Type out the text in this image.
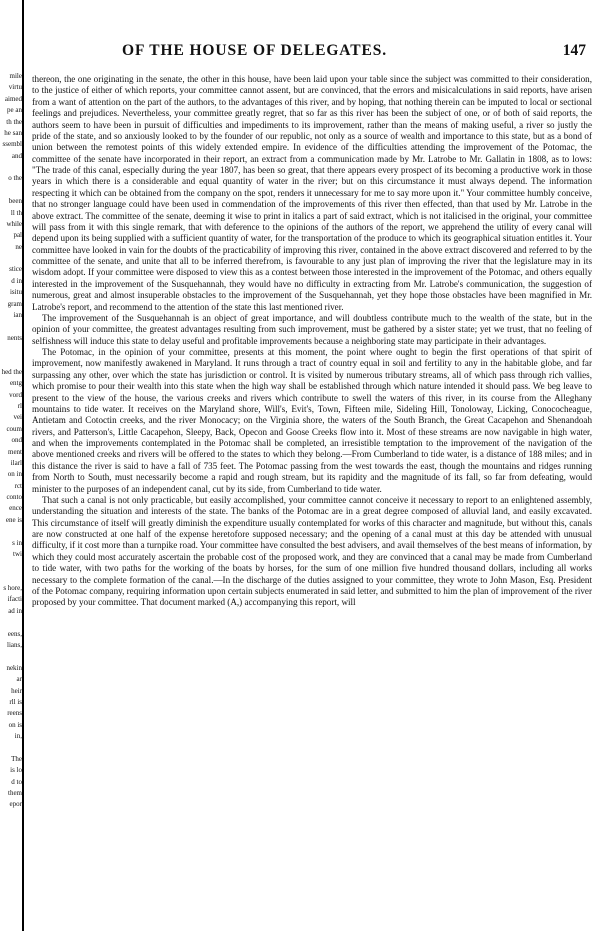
mile
virtu
aimed
pe an
th the
he san
ssembl
and
o the
been
ll th
while
pal
ne
stice
d in
isitu
gram
ian
nents
hed the
entg
vord
rl
vei
coum
ond
ment
ilarl
on in
rct
conto
ence
ene is
s in
twi
s hore,
ifacti
ad in
eens,
lians,
nekin
ar
heir
rll is
reens
on is
in,
The
is lo
d to
them
epor
OF THE HOUSE OF DELEGATES.	147

thereon, the one originating in the senate, the other in this house, have been laid upon your table since the subject was committed to their consideration, to the justice of either of which reports, your committee cannot assent, but are convinced, that the errors and misicalculations in said reports, have arisen from a want of attention on the part of the authors, to the advantages of this river, and by hoping, that nothing therein can be imputed to local or sectional feelings and prejudices. Nevertheless, your committee greatly regret, that so far as this river has been the subject of one, or of both of said reports, the authors seem to have been in pursuit of difficulties and impediments to its improvement, rather than the means of making useful, a river so justly the pride of the state, and so anxiously looked to by the founder of our republic, not only as a source of wealth and importance to this state, but as a bond of union between the remotest points of this widely extended empire. In evidence of the difficulties attending the improvement of the Potomac, the committee of the senate have incorporated in their report, an extract from a communication made by Mr. Latrobe to Mr. Gallatin in 1808, as to lows: "The trade of this canal, especially during the year 1807, has been so great, that there appears every prospect of its becoming a productive work in those years in which there is a considerable and equal quantity of water in the river; but on this circumstance it must always depend. The information respecting it which can be obtained from the company on the spot, renders it unnecessary for me to say more upon it." Your committee humbly conceive, that no stronger language could have been used in commendation of the improvements of this river then effected, than that used by Mr. Latrobe in the above extract. The committee of the senate, deeming it wise to print in italics a part of said extract, which is not italicised in the original, your committee will pass from it with this single remark, that with deference to the opinions of the authors of the report, we apprehend the utility of every canal will depend upon its being supplied with a sufficient quantity of water, for the transportation of the produce to which its geographical situation entitles it. Your committee have looked in vain for the doubts of the practicability of improving this river, contained in the above extract discovered and referred to by the committee of the senate, and unite that all to be inferred therefrom, is favourable to any just plan of improving the river that the legislature may in its wisdom adopt. If your committee were disposed to view this as a contest between those interested in the improvement of the Potomac, and others equally interested in the improvement of the Susquehannah, they would have no difficulty in extracting from Mr. Latrobe's communication, the suggestion of numerous, great and almost insuperable obstacles to the improvement of the Susquehannah, yet they hope those obstacles have been magnified in Mr. Latrobe's report, and recommend to the attention of the state this last mentioned river.

The improvement of the Susquehannah is an object of great importance, and will doubtless contribute much to the wealth of the state, but in the opinion of your committee, the greatest advantages resulting from such improvement, must be gathered by a sister state; yet we trust, that no feeling of selfishness will induce this state to delay useful and profitable improvements because a neighboring state may participate in their advantages.

The Potomac, in the opinion of your committee, presents at this moment, the point where ought to begin the first operations of that spirit of improvement, now manifestly awakened in Maryland. It runs through a tract of country equal in soil and fertility to any in the habitable globe, and far surpassing any other, over which the state has jurisdiction or control. It is visited by numerous tributary streams, all of which pass through rich vallies, which promise to pour their wealth into this state when the high way shall be established through which nature intended it should pass. We beg leave to present to the view of the house, the various creeks and rivers which contribute to swell the waters of this river, in its course from the Alleghany mountains to tide water. It receives on the Maryland shore, Will's, Evit's, Town, Fifteen mile, Sideling Hill, Tonoloway, Licking, Conococheague, Antietam and Cotoctin creeks, and the river Monocacy; on the Virginia shore, the waters of the South Branch, the Great Cacapehon and Shenandoah rivers, and Patterson's, Little Cacapehon, Sleepy, Back, Opecon and Goose Creeks flow into it. Most of these streams are now navigable in high water, and when the improvements contemplated in the Potomac shall be completed, an irresistible temptation to the improvement of the navigation of the above mentioned creeks and rivers will be offered to the states to which they belong.—From Cumberland to tide water, is a distance of 188 miles; and in this distance the river is said to have a fall of 735 feet. The Potomac passing from the west towards the east, though the mountains and ridges running from North to South, must necessarily become a rapid and rough stream, but its rapidity and the magnitude of its fall, so far from defeating, would minister to the purposes of an independent canal, cut by its side, from Cumberland to tide water.

That such a canal is not only practicable, but easily accomplished, your committee cannot conceive it necessary to report to an enlightened assembly, understanding the situation and interests of the state. The banks of the Potomac are in a great degree composed of alluvial land, and easily excavated. This circumstance of itself will greatly diminish the expenditure usually contemplated for works of this character and magnitude, but without this, canals are now constructed at one half of the expense heretofore supposed necessary; and the opening of a canal must at this day be attended with unusual difficulty, if it cost more than a turnpike road. Your committee have consulted the best advisers, and avail themselves of the best means of information, by which they could most accurately ascertain the probable cost of the proposed work, and they are convinced that a canal may be made from Cumberland to tide water, with two paths for the working of the boats by horses, for the sum of one million five hundred thousand dollars, including all works necessary to the complete formation of the canal.—In the discharge of the duties assigned to your committee, they wrote to John Mason, Esq. President of the Potomac company, requiring information upon certain subjects enumerated in said letter, and submitted to him the plan of improvement of the river proposed by your committee. That document marked (A,) accompanying this report, will
